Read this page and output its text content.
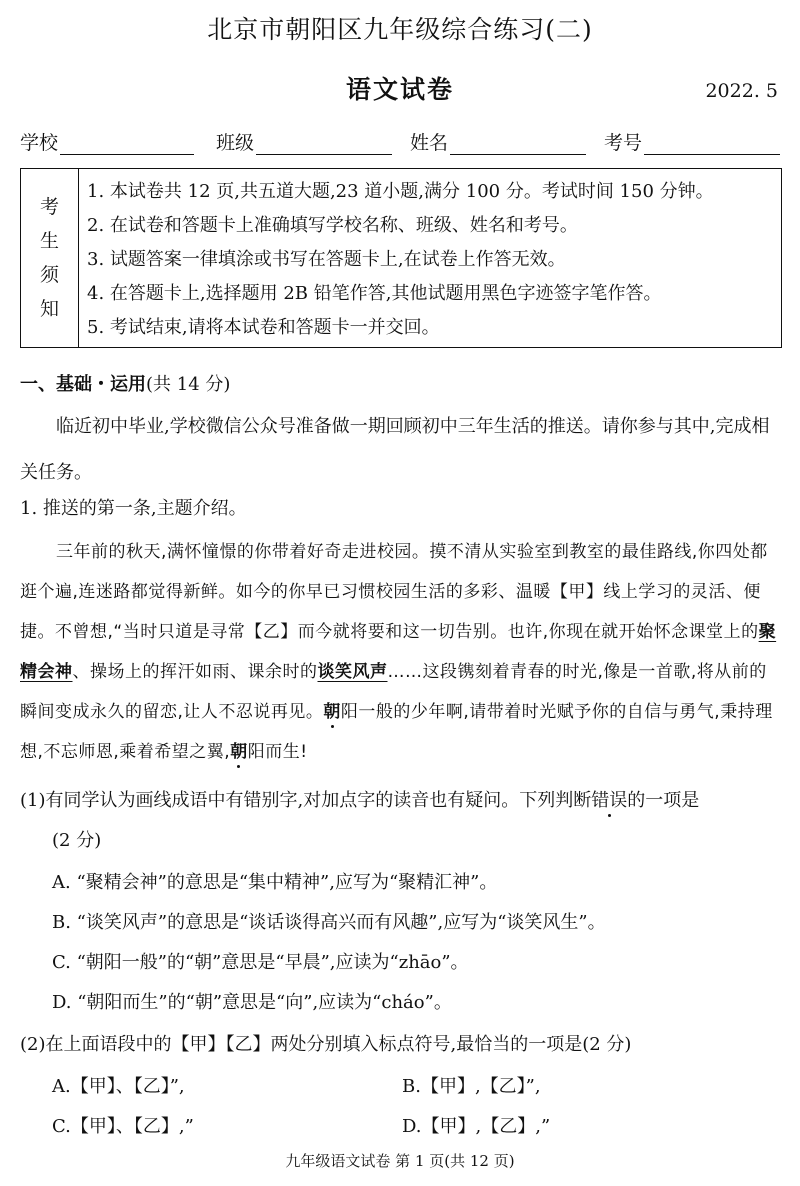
北京市朝阳区九年级综合练习(二)
语文试卷	2022. 5
学校	班级	姓名	考号
考
生
须
知
1. 本试卷共 12 页,共五道大题,23 道小题,满分 100 分。考试时间 150 分钟。
2. 在试卷和答题卡上准确填写学校名称、班级、姓名和考号。
3. 试题答案一律填涂或书写在答题卡上,在试卷上作答无效。
4. 在答题卡上,选择题用 2B 铅笔作答,其他试题用黑色字迹签字笔作答。
5. 考试结束,请将本试卷和答题卡一并交回。
一、基础・运用(共 14 分)
临近初中毕业,学校微信公众号准备做一期回顾初中三年生活的推送。请你参与其中,完成相关任务。
1. 推送的第一条,主题介绍。
三年前的秋天,满怀憧憬的你带着好奇走进校园。摸不清从实验室到教室的最佳路线,你四处都逛个遍,连迷路都觉得新鲜。如今的你早已习惯校园生活的多彩、温暖【甲】线上学习的灵活、便捷。不曾想,“当时只道是寻常【乙】而今就将要和这一切告别。也许,你现在就开始怀念课堂上的聚精会神、操场上的挥汗如雨、课余时的谈笑风声……这段镌刻着青春的时光,像是一首歌,将从前的瞬间变成永久的留恋,让人不忍说再见。朝阳一般的少年啊,请带着时光赋予你的自信与勇气,秉持理想,不忘师恩,乘着希望之翼,朝阳而生!
(1)有同学认为画线成语中有错别字,对加点字的读音也有疑问。下列判断错误的一项是
(2 分)
A. “聚精会神”的意思是“集中精神”,应写为“聚精汇神”。
B. “谈笑风声”的意思是“谈话谈得高兴而有风趣”,应写为“谈笑风生”。
C. “朝阳一般”的“朝”意思是“早晨”,应读为“zhāo”。
D. “朝阳而生”的“朝”意思是“向”,应读为“cháo”。
(2)在上面语段中的【甲】【乙】两处分别填入标点符号,最恰当的一项是(2 分)
A.【甲】、【乙】”,	B.【甲】,【乙】”,
C.【甲】、【乙】,”	D.【甲】,【乙】,”
九年级语文试卷 第 1 页(共 12 页)
